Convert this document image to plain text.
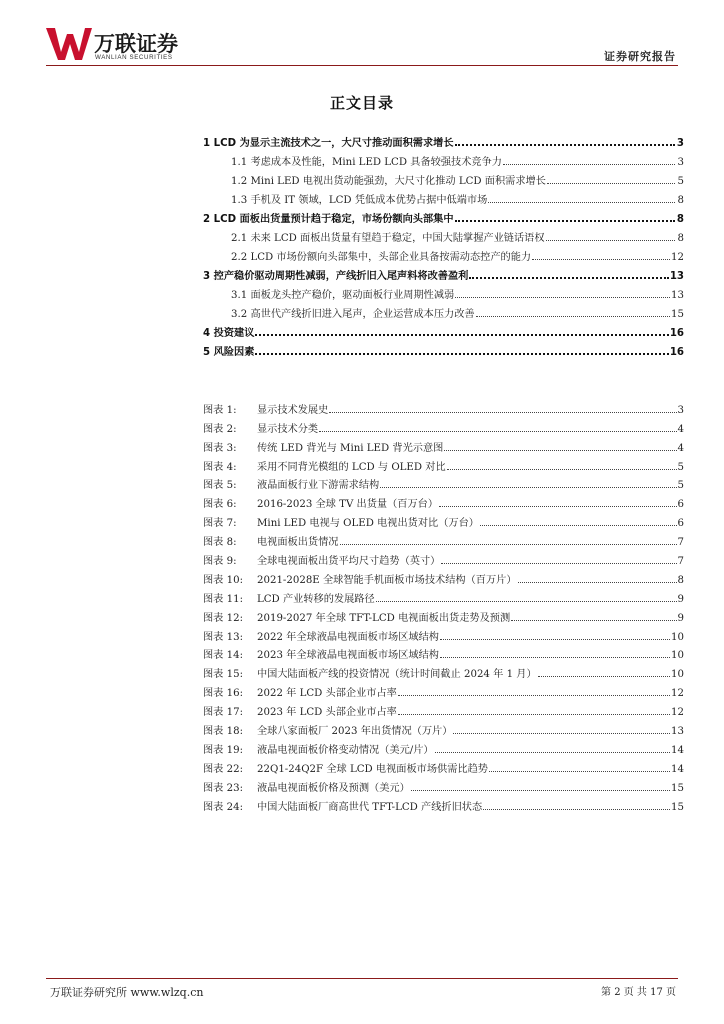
万联证券
WANLIAN SECURITIES	证券研究报告
正文目录
1 LCD 为显示主流技术之一，大尺寸推动面积需求增长	3
1.1 考虑成本及性能，Mini LED LCD 具备较强技术竞争力	3
1.2 Mini LED 电视出货动能强劲，大尺寸化推动 LCD 面积需求增长	5
1.3 手机及 IT 领域，LCD 凭低成本优势占据中低端市场	8
2 LCD 面板出货量预计趋于稳定，市场份额向头部集中	8
2.1 未来 LCD 面板出货量有望趋于稳定，中国大陆掌握产业链话语权	8
2.2 LCD 市场份额向头部集中，头部企业具备按需动态控产的能力	12
3 控产稳价驱动周期性减弱，产线折旧入尾声料将改善盈利	13
3.1 面板龙头控产稳价，驱动面板行业周期性减弱	13
3.2 高世代产线折旧进入尾声，企业运营成本压力改善	15
4 投资建议	16
5 风险因素	16
图表 1:	显示技术发展史	3
图表 2:	显示技术分类	4
图表 3:	传统 LED 背光与 Mini LED 背光示意图	4
图表 4:	采用不同背光模组的 LCD 与 OLED 对比	5
图表 5:	液晶面板行业下游需求结构	5
图表 6:	2016-2023 全球 TV 出货量（百万台）	6
图表 7:	Mini LED 电视与 OLED 电视出货对比（万台）	6
图表 8:	电视面板出货情况	7
图表 9:	全球电视面板出货平均尺寸趋势（英寸）	7
图表 10:	2021-2028E 全球智能手机面板市场技术结构（百万片）	8
图表 11:	LCD 产业转移的发展路径	9
图表 12:	2019-2027 年全球 TFT-LCD 电视面板出货走势及预测	9
图表 13:	2022 年全球液晶电视面板市场区域结构	10
图表 14:	2023 年全球液晶电视面板市场区域结构	10
图表 15:	中国大陆面板产线的投资情况（统计时间截止 2024 年 1 月）	10
图表 16:	2022 年 LCD 头部企业市占率	12
图表 17:	2023 年 LCD 头部企业市占率	12
图表 18:	全球八家面板厂 2023 年出货情况（万片）	13
图表 19:	液晶电视面板价格变动情况（美元/片）	14
图表 22:	22Q1-24Q2F 全球 LCD 电视面板市场供需比趋势	14
图表 23:	液晶电视面板价格及预测（美元）	15
图表 24:	中国大陆面板厂商高世代 TFT-LCD 产线折旧状态	15
万联证券研究所 www.wlzq.cn	第 2 页 共 17 页
